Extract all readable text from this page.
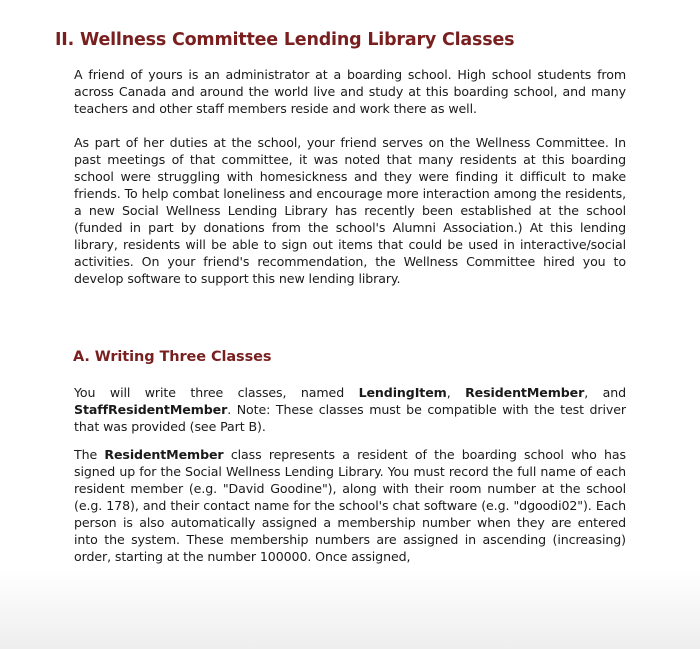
II. Wellness Committee Lending Library Classes

A friend of yours is an administrator at a boarding school. High school students from across Canada and around the world live and study at this boarding school, and many teachers and other staff members reside and work there as well.

As part of her duties at the school, your friend serves on the Wellness Committee. In past meetings of that committee, it was noted that many residents at this boarding school were struggling with homesickness and they were finding it difficult to make friends. To help combat loneliness and encourage more interaction among the residents, a new Social Wellness Lending Library has recently been established at the school (funded in part by donations from the school's Alumni Association.) At this lending library, residents will be able to sign out items that could be used in interactive/social activities. On your friend's recommendation, the Wellness Committee hired you to develop software to support this new lending library.

A. Writing Three Classes

You will write three classes, named LendingItem, ResidentMember, and StaffResidentMember. Note: These classes must be compatible with the test driver that was provided (see Part B).

The ResidentMember class represents a resident of the boarding school who has signed up for the Social Wellness Lending Library. You must record the full name of each resident member (e.g. "David Goodine"), along with their room number at the school (e.g. 178), and their contact name for the school's chat software (e.g. "dgoodi02"). Each person is also automatically assigned a membership number when they are entered into the system. These membership numbers are assigned in ascending (increasing) order, starting at the number 100000. Once assigned,
